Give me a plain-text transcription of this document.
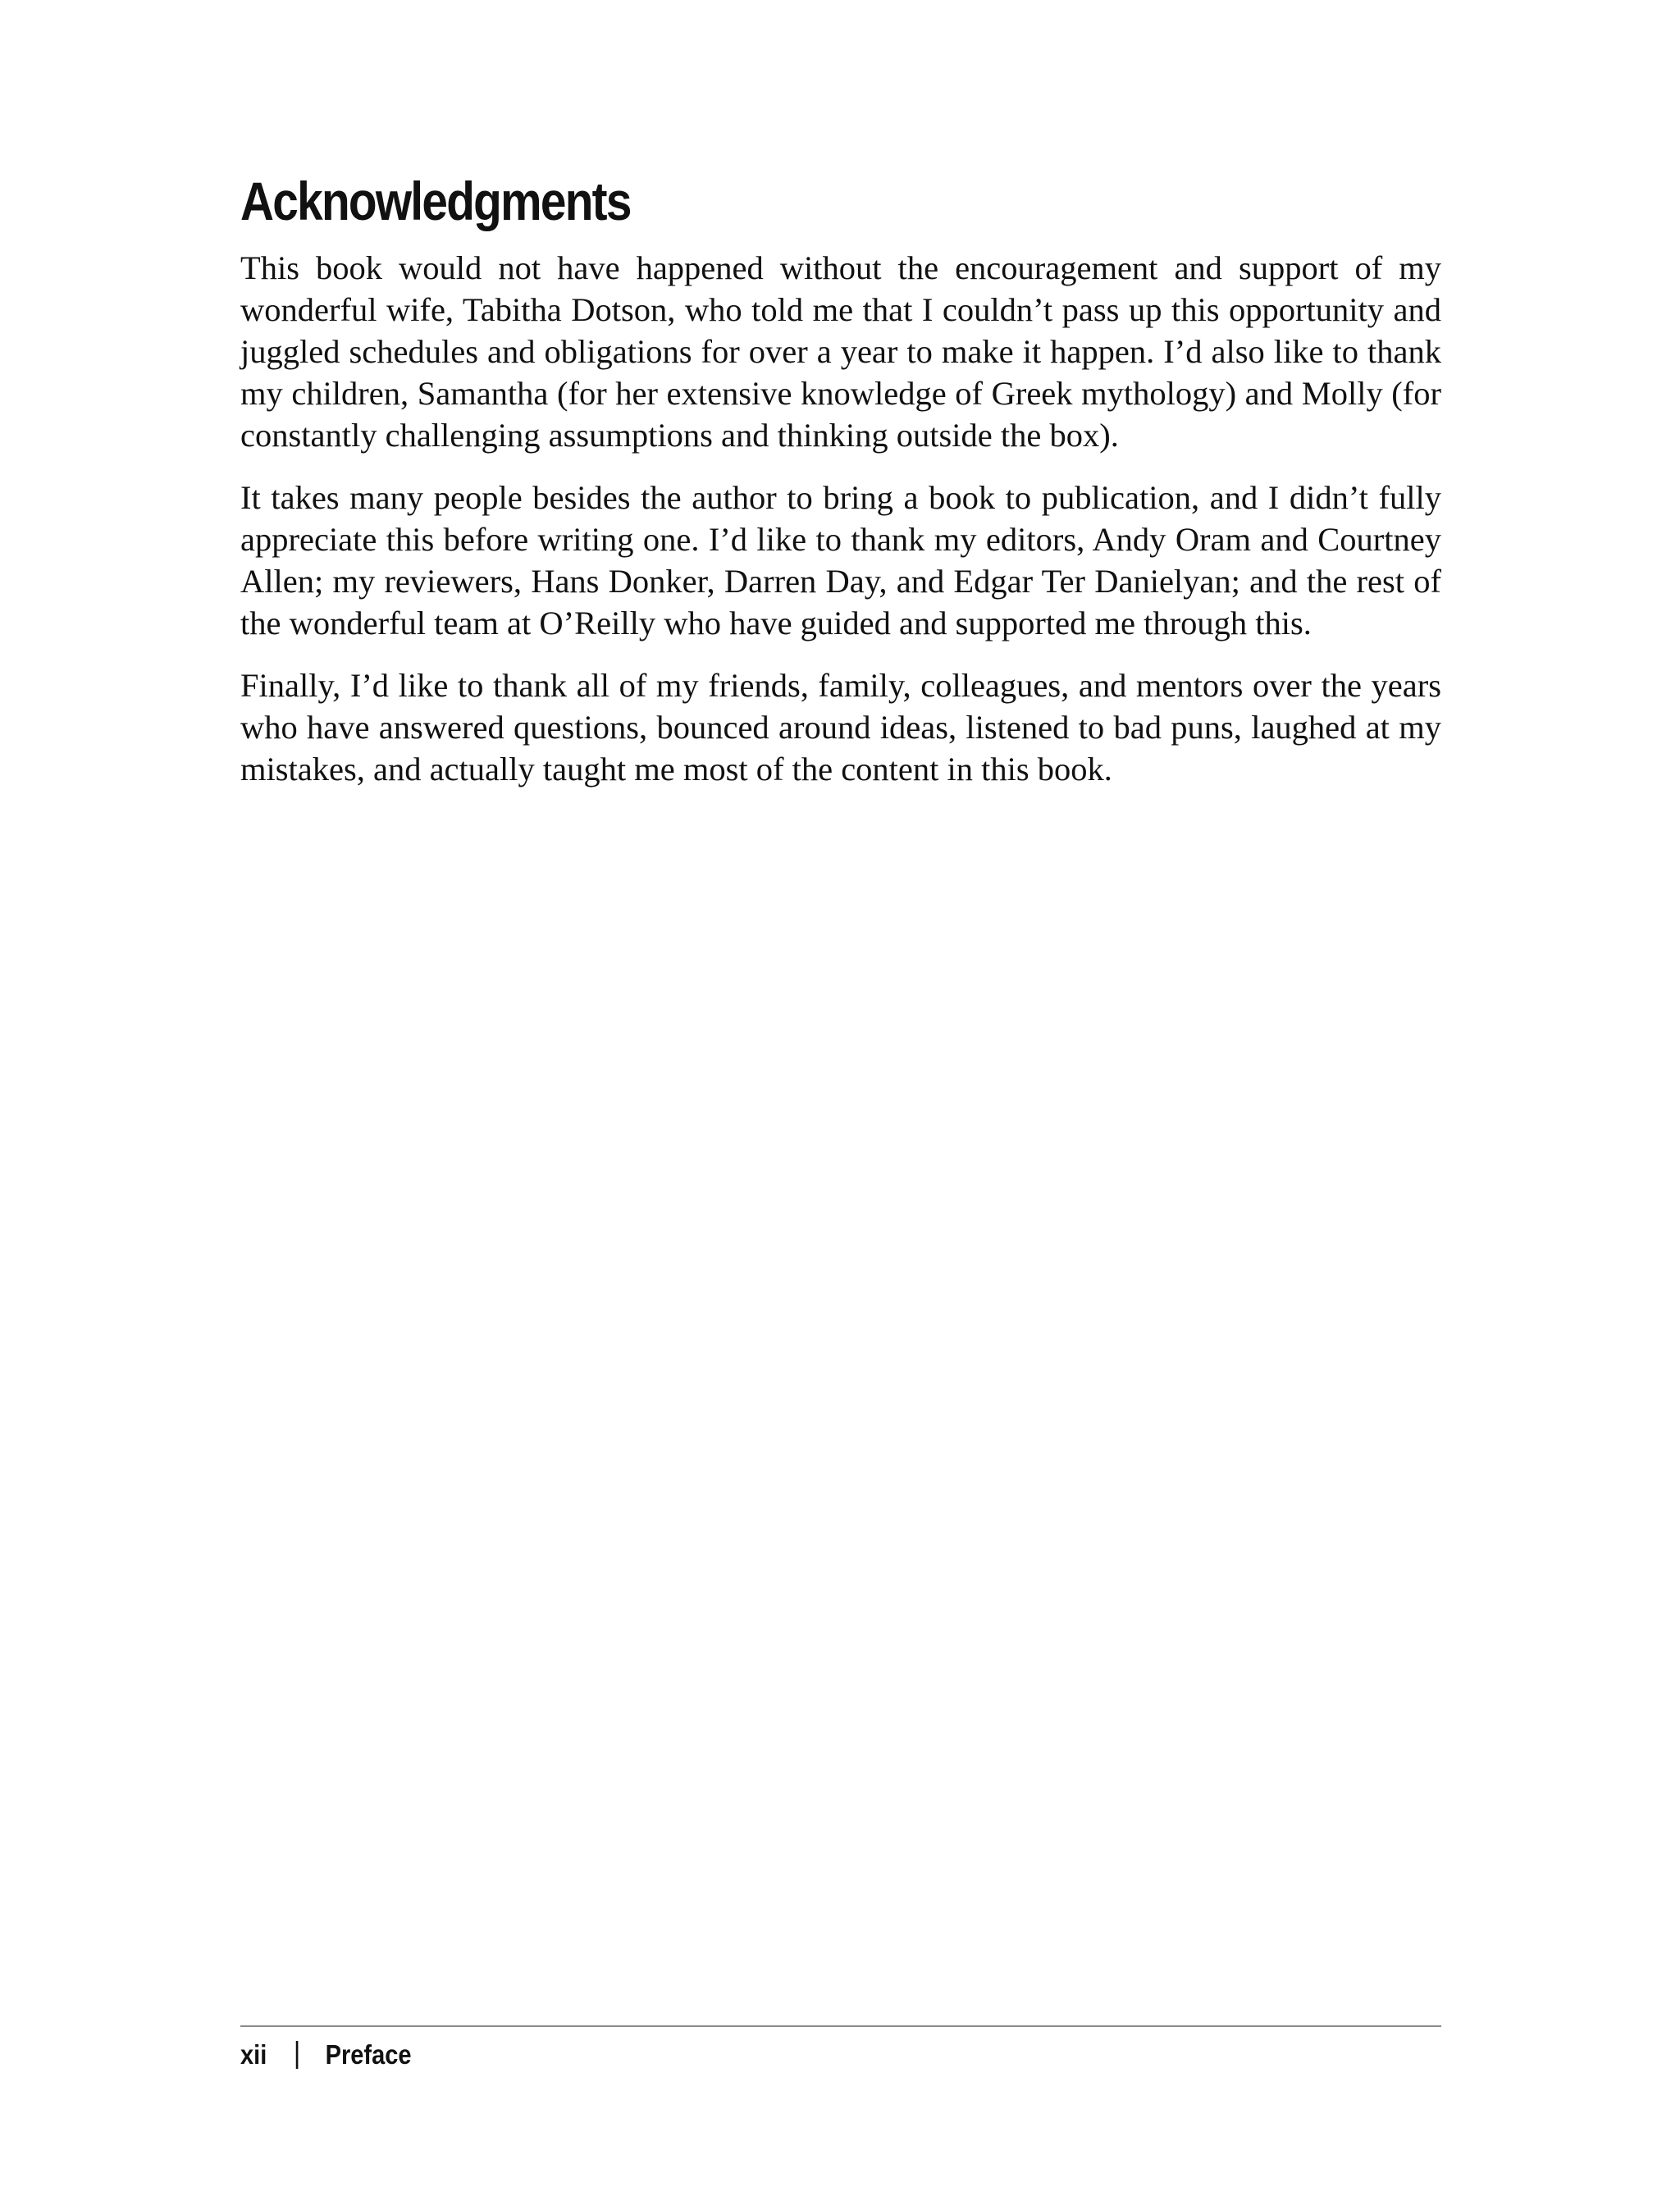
Acknowledgments

This book would not have happened without the encouragement and support of my wonderful wife, Tabitha Dotson, who told me that I couldn’t pass up this opportunity and juggled schedules and obligations for over a year to make it happen. I’d also like to thank my children, Samantha (for her extensive knowledge of Greek mythology) and Molly (for constantly challenging assumptions and thinking outside the box).

It takes many people besides the author to bring a book to publication, and I didn’t fully appreciate this before writing one. I’d like to thank my editors, Andy Oram and Courtney Allen; my reviewers, Hans Donker, Darren Day, and Edgar Ter Danielyan; and the rest of the wonderful team at O’Reilly who have guided and supported me through this.

Finally, I’d like to thank all of my friends, family, colleagues, and mentors over the years who have answered questions, bounced around ideas, listened to bad puns, laughed at my mistakes, and actually taught me most of the content in this book.

xii Preface
